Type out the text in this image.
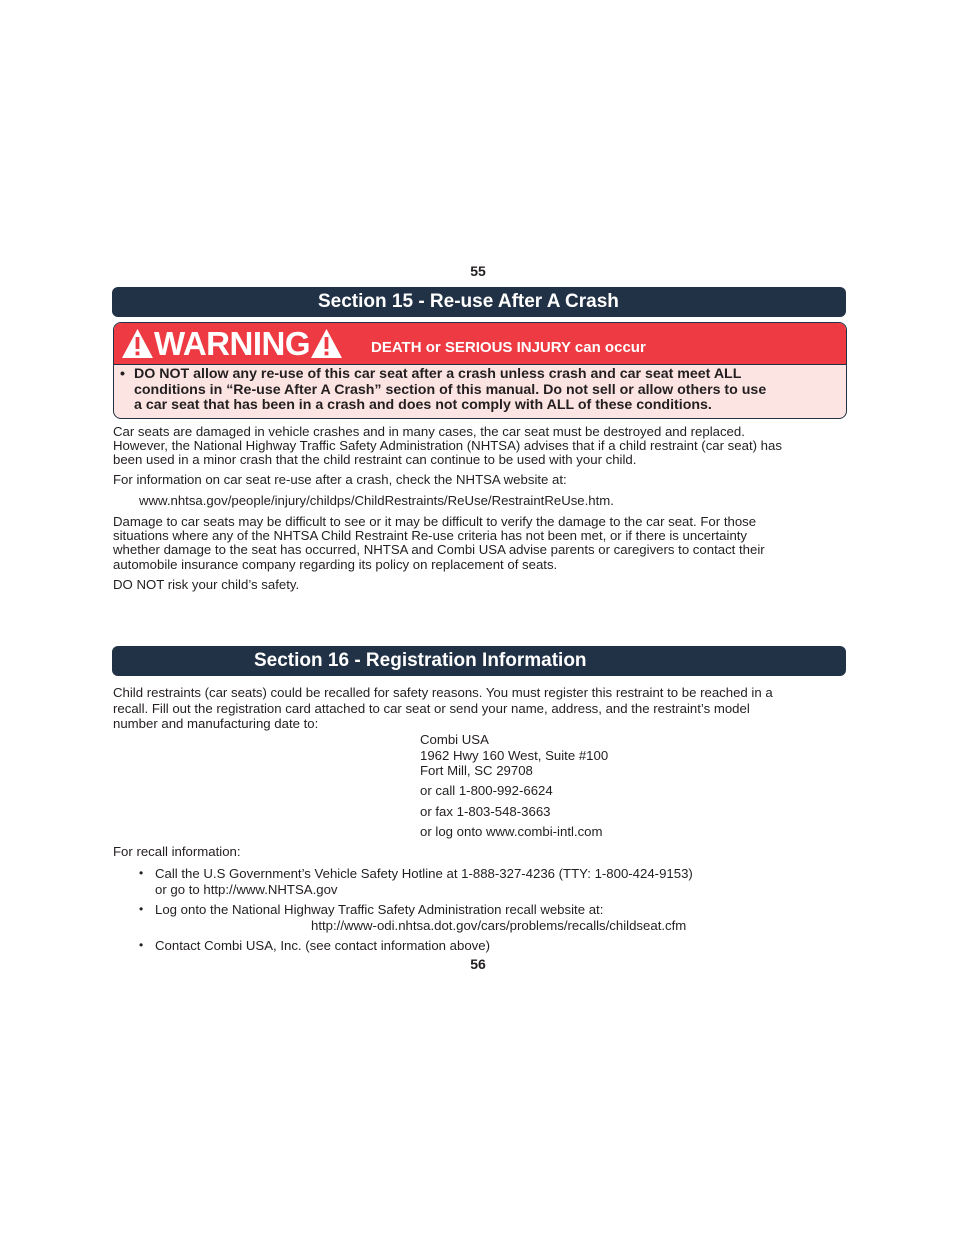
55
Section 15 - Re-use After A Crash
WARNING	DEATH or SERIOUS INJURY can occur
• DO NOT allow any re-use of this car seat after a crash unless crash and car seat meet ALL
conditions in “Re-use After A Crash” section of this manual. Do not sell or allow others to use
a car seat that has been in a crash and does not comply with ALL of these conditions.
Car seats are damaged in vehicle crashes and in many cases, the car seat must be destroyed and replaced.
However, the National Highway Traffic Safety Administration (NHTSA) advises that if a child restraint (car seat) has
been used in a minor crash that the child restraint can continue to be used with your child.
For information on car seat re-use after a crash, check the NHTSA website at:
www.nhtsa.gov/people/injury/childps/ChildRestraints/ReUse/RestraintReUse.htm.
Damage to car seats may be difficult to see or it may be difficult to verify the damage to the car seat. For those
situations where any of the NHTSA Child Restraint Re-use criteria has not been met, or if there is uncertainty
whether damage to the seat has occurred, NHTSA and Combi USA advise parents or caregivers to contact their
automobile insurance company regarding its policy on replacement of seats.
DO NOT risk your child’s safety.
Section 16 - Registration Information
Child restraints (car seats) could be recalled for safety reasons. You must register this restraint to be reached in a
recall. Fill out the registration card attached to car seat or send your name, address, and the restraint’s model
number and manufacturing date to:
Combi USA
1962 Hwy 160 West, Suite #100
Fort Mill, SC 29708
or call 1-800-992-6624
or fax 1-803-548-3663
or log onto www.combi-intl.com
For recall information:
• Call the U.S Government’s Vehicle Safety Hotline at 1-888-327-4236 (TTY: 1-800-424-9153)
or go to http://www.NHTSA.gov
• Log onto the National Highway Traffic Safety Administration recall website at:
http://www-odi.nhtsa.dot.gov/cars/problems/recalls/childseat.cfm
• Contact Combi USA, Inc. (see contact information above)
56
